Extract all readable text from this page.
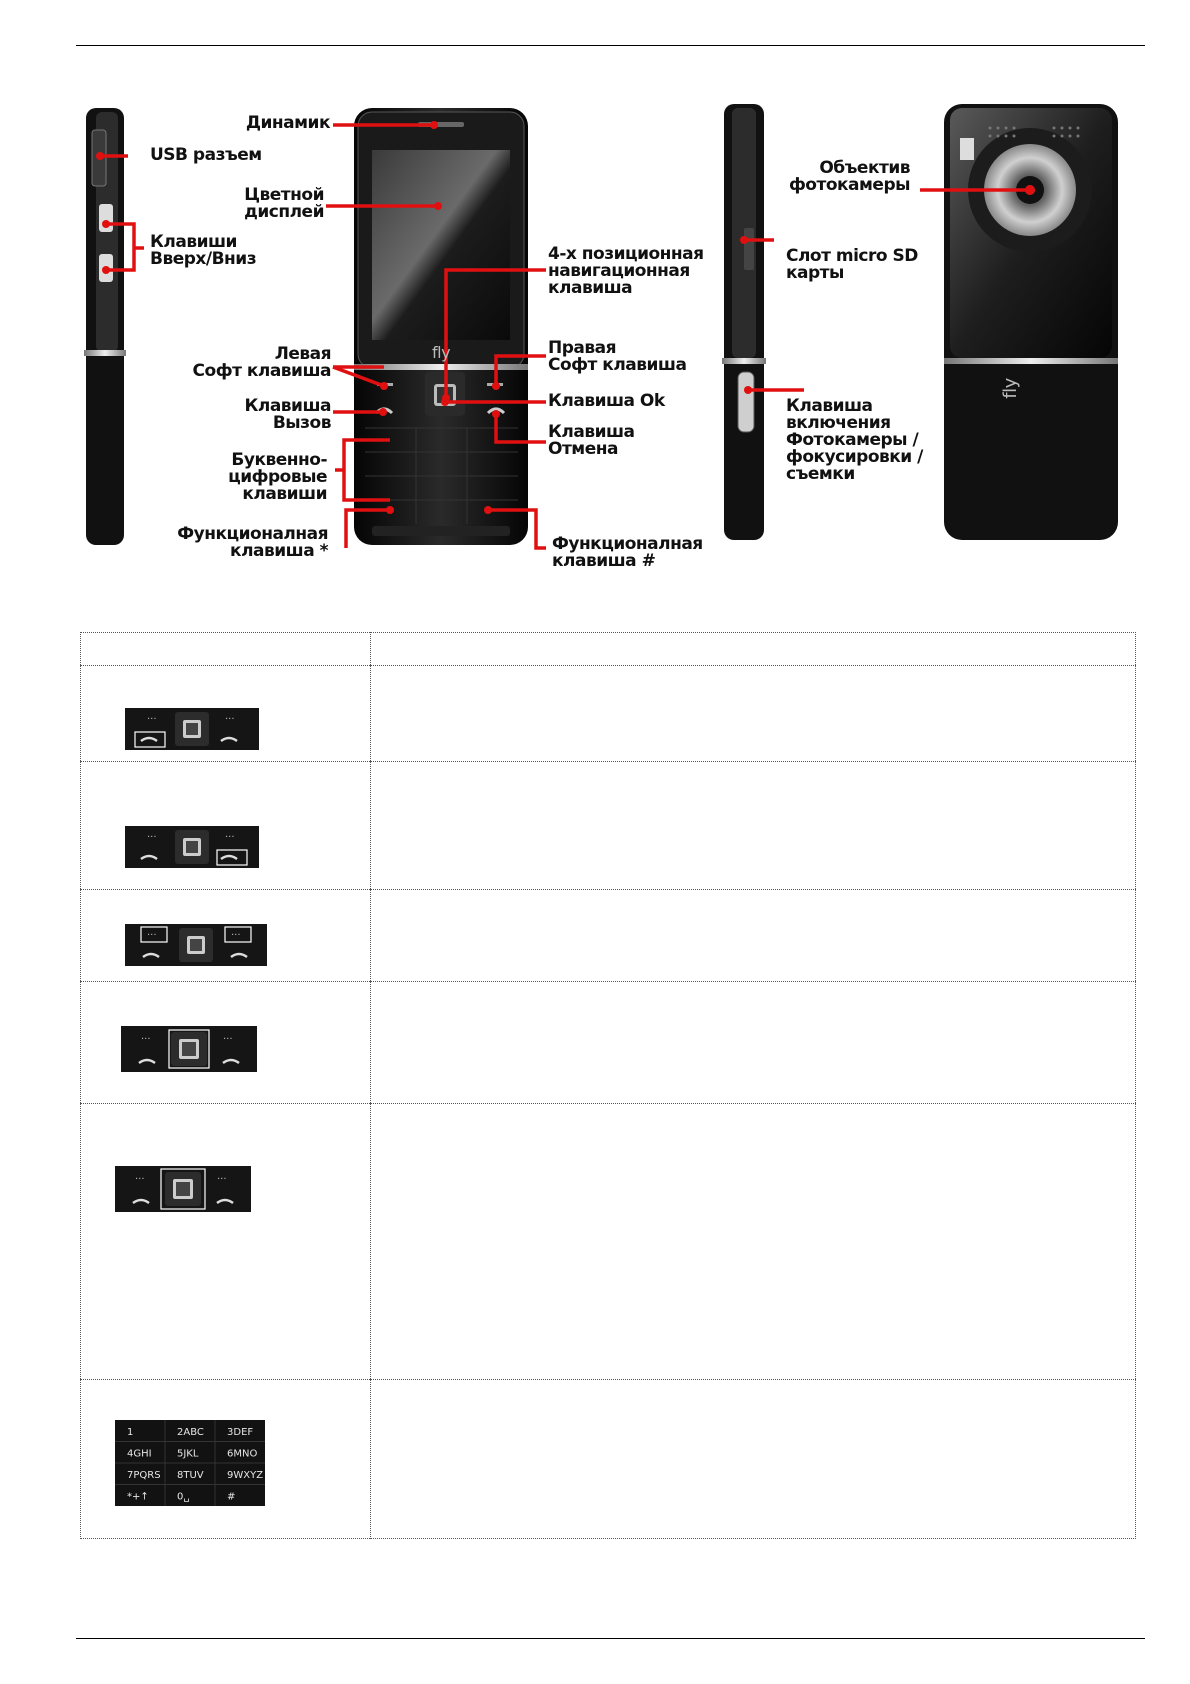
fly
fly
Динамик
USB разъем
Цветной
дисплей
Клавиши
Вверх/Вниз	4-х позиционная
навигационная
клавиша
Левая
Софт клавиша
Правая
Софт клавиша
Клавиша
Вызов
Клавиша Ok
Клавиша
Отмена
Буквенно-
цифровые
клавиши
Функционалная
клавиша *	Функционалная
клавиша #
Объектив
фотокамеры
Слот micro SD
карты
Клавиша
включения
Фотокамеры /
фокусировки /
съемки
···	···
···	···
···	···
···	···
···	···
1	2ABC 3DEF
4GHI	5JKL	6MNO
7PQRS 8TUV 9WXYZ
*+↑	0␣	#
